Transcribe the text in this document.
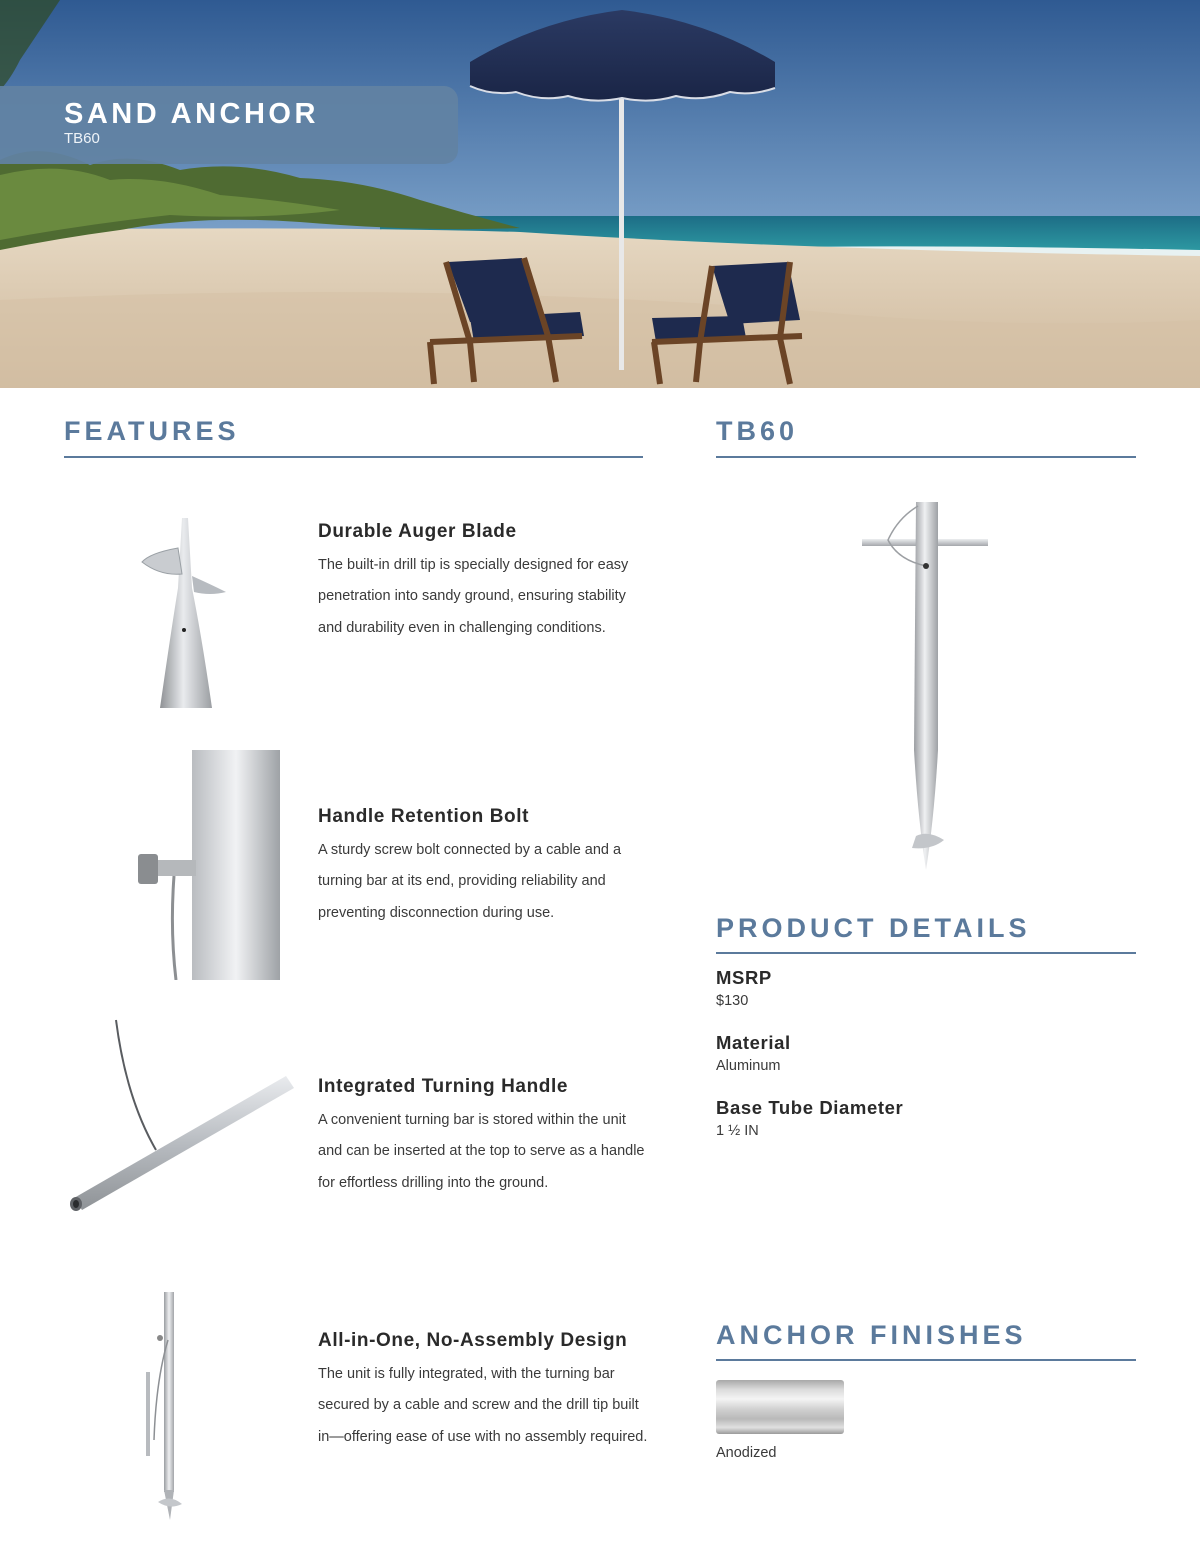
SAND ANCHOR
TB60
FEATURES	TB60
Durable Auger Blade
The built-in drill tip is specially designed for easy penetration into sandy ground, ensuring stability and durability even in challenging conditions.
Handle Retention Bolt
A sturdy screw bolt connected by a cable and a turning bar at its end, providing reliability and preventing disconnection during use.
Integrated Turning Handle
A convenient turning bar is stored within the unit and can be inserted at the top to serve as a handle for effortless drilling into the ground.
All-in-One, No-Assembly Design
The unit is fully integrated, with the turning bar secured by a cable and screw and the drill tip built in—offering ease of use with no assembly required.
PRODUCT DETAILS
MSRP
$130
Material
Aluminum
Base Tube Diameter
1 ½ IN
ANCHOR FINISHES
Anodized
